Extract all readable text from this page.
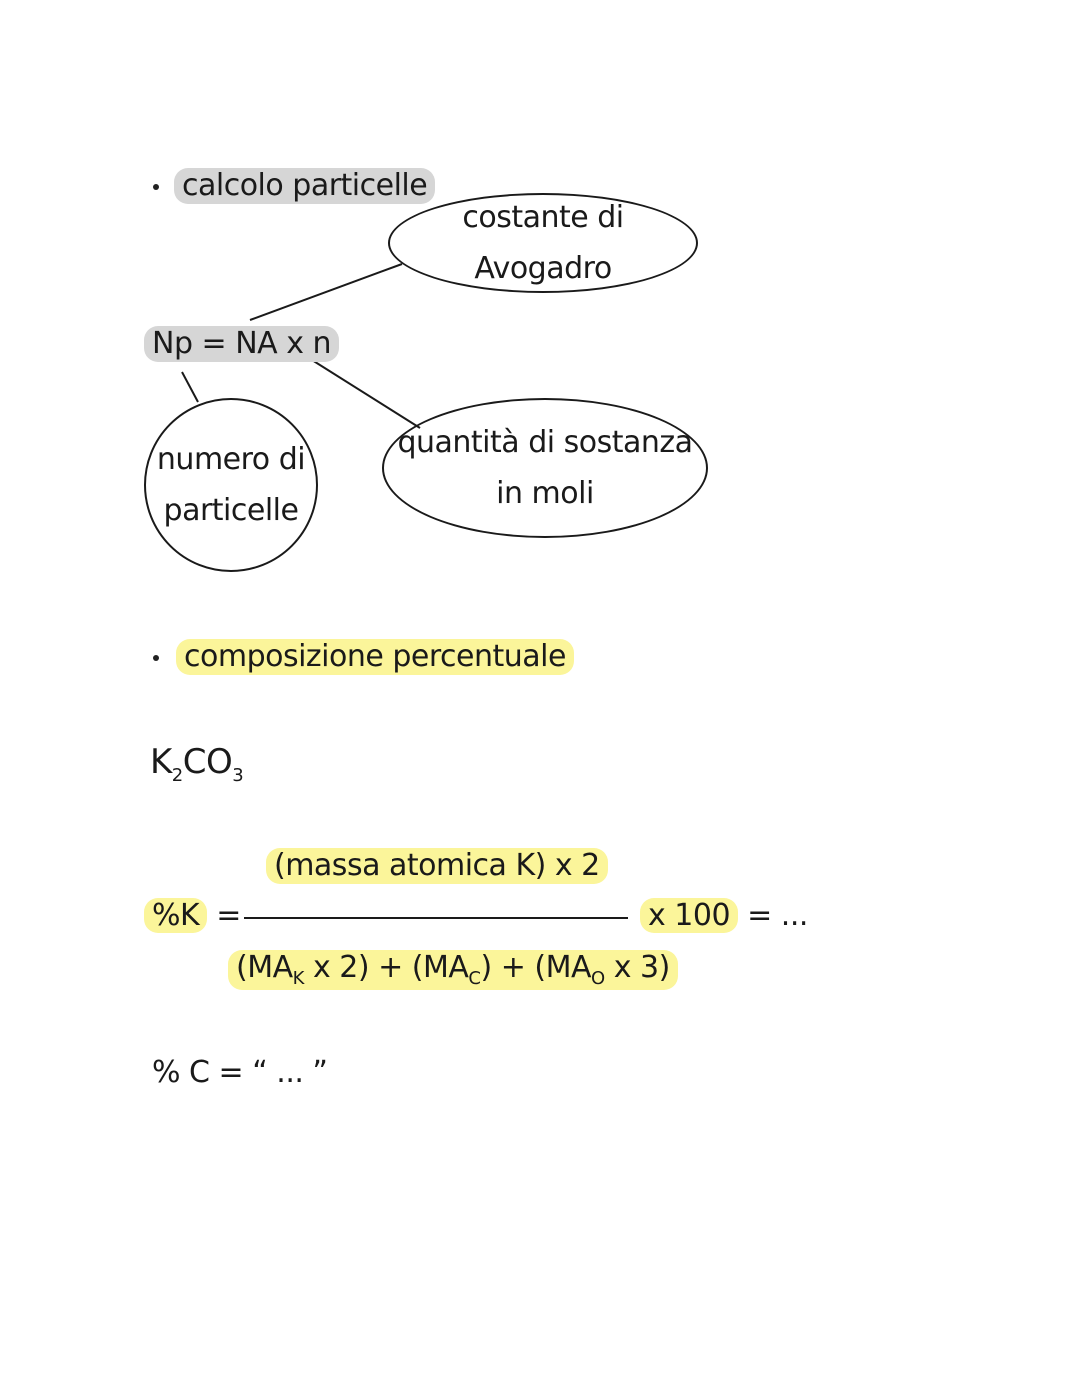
calcolo particelle
costante di Avogadro
Np = NA x n
numero di
particelle
quantità di sostanza
in moli
composizione percentuale
$K_2CO_3$
(massa atomica K) x 2
%K =	x 100 = ...
($MA_K$ x $2) + (MA_C) + (MA_O$ x 3)
% C = “ ... ”
